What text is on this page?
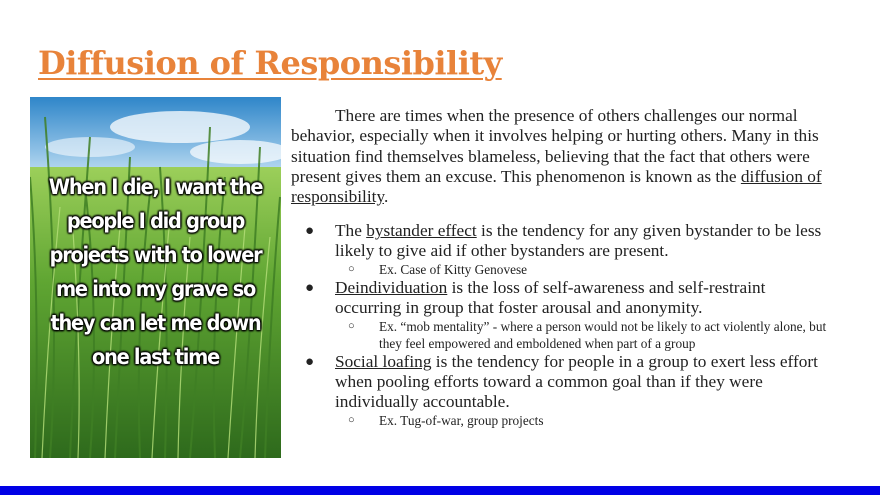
Diffusion of Responsibility
When I die, I want the people I did group projects with to lower me into my grave so they can let me down one last time

There are times when the presence of others challenges our normal behavior, especially when it involves helping or hurting others. Many in this situation find themselves blameless, believing that the fact that others were present gives them an excuse. This phenomenon is known as the diffusion of responsibility.

● The bystander effect is the tendency for any given bystander to be less likely to give aid if other bystanders are present.
○ Ex. Case of Kitty Genovese
● Deindividuation is the loss of self-awareness and self-restraint occurring in group that foster arousal and anonymity.
○ Ex. “mob mentality” - where a person would not be likely to act violently alone, but they feel empowered and emboldened when part of a group
● Social loafing is the tendency for people in a group to exert less effort when pooling efforts toward a common goal than if they were individually accountable.
○ Ex. Tug-of-war, group projects
